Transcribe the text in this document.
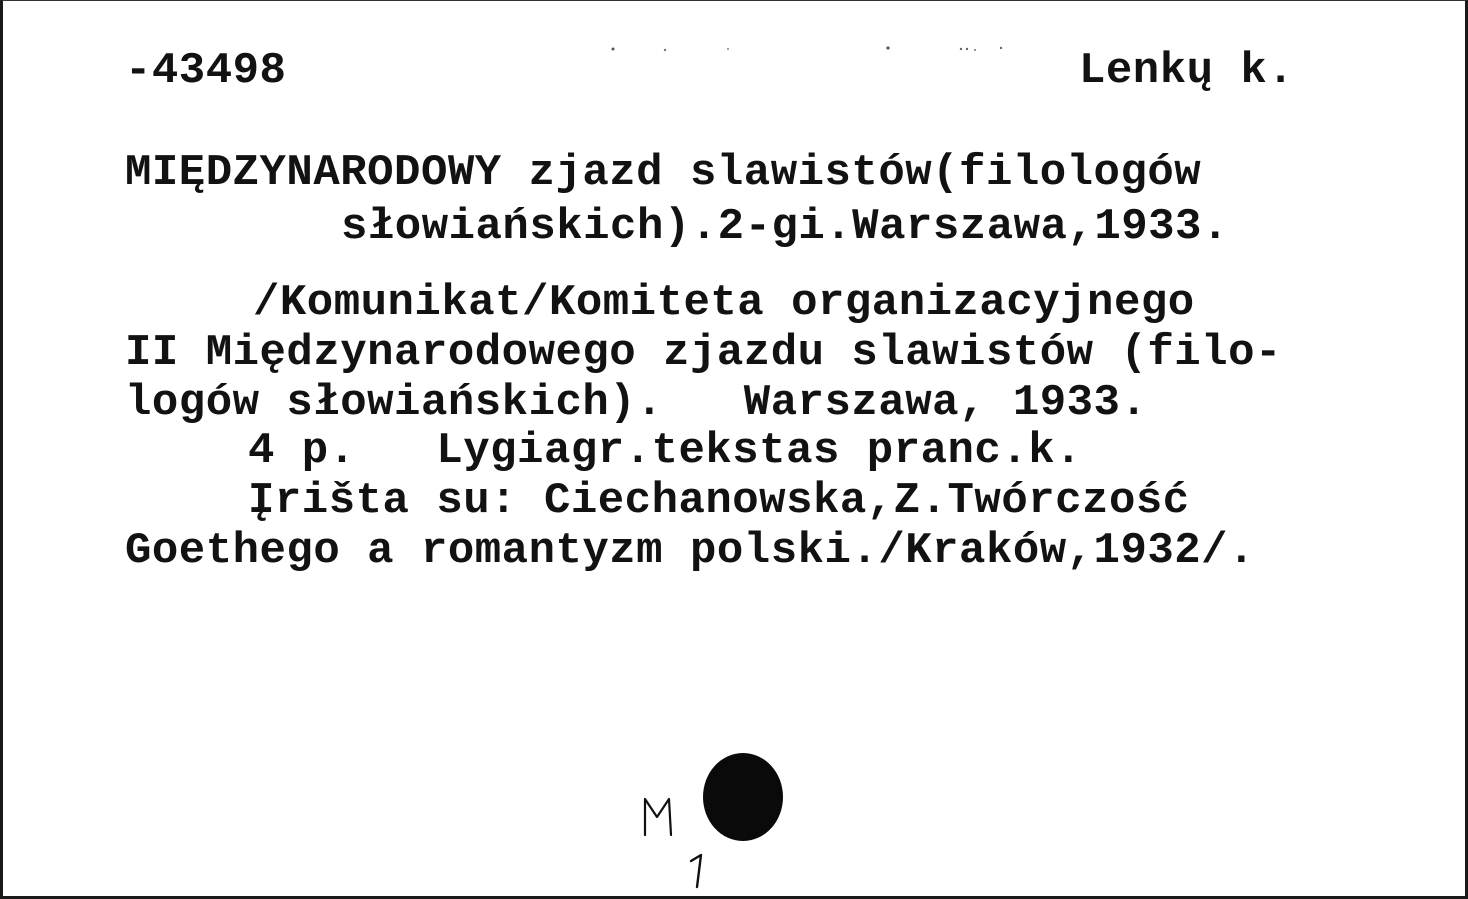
-43498	Lenkų k.
MIĘDZYNARODOWY zjazd slawistów(filologów
słowiańskich).2-gi.Warszawa,1933.
/Komunikat/Komiteta organizacyjnego
II Międzynarodowego zjazdu slawistów (filo-
logów słowiańskich).   Warszawa, 1933.
4 p.   Lygiagr.tekstas pranc.k.
Įrišta su: Ciechanowska,Z.Twórczość
Goethego a romantyzm polski./Kraków,1932/.
